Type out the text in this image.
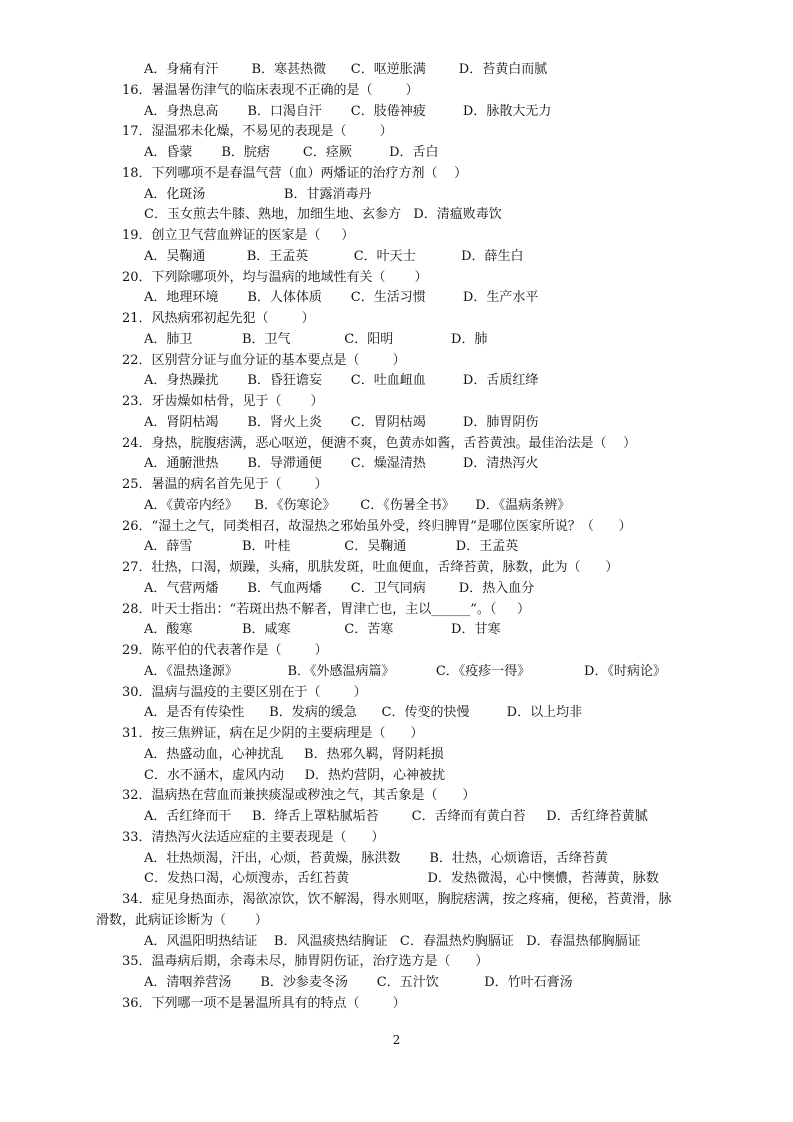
A．身痛有汗        B．寒甚热微      C．呕逆胀满        D．苔黄白而腻
16．暑温暑伤津气的临床表现不正确的是（        ）
A．身热息高       B．口渴自汗       C．肢倦神疲         D．脉散大无力
17．湿温邪未化燥，不易见的表现是（        ）
A．昏蒙       B．脘痞        C．痉厥         D．舌白
18．下列哪项不是春温气营（血）两燔证的治疗方剂（    ）
A．化斑汤                   B．甘露消毒丹
C．玉女煎去牛膝、熟地，加细生地、玄参方   D．清瘟败毒饮
19．创立卫气营血辨证的医家是（     ）
A．吴鞠通          B．王孟英           C．叶天士           D．薛生白
20．下列除哪项外，均与温病的地域性有关（       ）
A．地理环境       B．人体体质       C．生活习惯         D．生产水平
21．风热病邪初起先犯（        ）
A．肺卫            B．卫气             C．阳明              D．肺
22．区别营分证与血分证的基本要点是（        ）
A．身热躁扰       B．昏狂谵妄       C．吐血衄血         D．舌质红绛
23．牙齿燥如枯骨，见于（       ）
A．肾阴枯竭       B．肾火上炎       C．胃阴枯竭         D．肺胃阴伤
24．身热，脘腹痞满，恶心呕逆，便溏不爽，色黄赤如酱，舌苔黄浊。最佳治法是（    ）
A．通腑泄热       B．导滞通便       C．燥湿清热         D．清热泻火
25．暑温的病名首先见于（        ）
A．《黄帝内经》    B．《伤寒论》      C．《伤暑全书》     D．《温病条辨》
26．“湿土之气，同类相召，故湿热之邪始虽外受，终归脾胃”是哪位医家所说？（      ）
A．薛雪            B．叶桂             C．吴鞠通            D．王孟英
27．壮热，口渴，烦躁，头痛，肌肤发斑，吐血便血，舌绛苔黄，脉数，此为（      ）
A．气营两燔       B．气血两燔       C．卫气同病        D．热入血分
28．叶天士指出：“若斑出热不解者，胃津亡也，主以______”。（     ）
A．酸寒            B．咸寒             C．苦寒              D．甘寒
29．陈平伯的代表著作是（        ）
A．《温热逢源》            B．《外感温病篇》          C．《疫疹一得》             D．《时病论》
30．温病与温疫的主要区别在于（        ）
A．是否有传染性      B．发病的缓急      C．传变的快慢         D．以上均非
31．按三焦辨证，病在足少阴的主要病理是（      ）
A．热盛动血，心神扰乱     B．热邪久羁，肾阴耗损
C．水不涵木，虚风内动     D．热灼营阴，心神被扰
32．温病热在营血而兼挟痰湿或秽浊之气，其舌象是（      ）
A．舌红绛而干     B．绛舌上罩粘腻垢苔        C．舌绛而有黄白苔     D．舌红绛苔黄腻
33．清热泻火法适应症的主要表现是（      ）
A．壮热烦渴，汗出，心烦，苔黄燥，脉洪数       B．壮热，心烦谵语，舌绛苔黄
C．发热口渴，心烦溲赤，舌红苔黄                   D．发热微渴，心中懊憹，苔薄黄，脉数
34．症见身热面赤，渴欲凉饮，饮不解渴，得水则呕，胸脘痞满，按之疼痛，便秘，苔黄滑，脉
滑数，此病证诊断为（       ）
A．风温阳明热结证    B．风温痰热结胸证   C．春温热灼胸膈证   D．春温热郁胸膈证
35．温毒病后期，余毒未尽，肺胃阴伤证，治疗选方是（      ）
A．清咽养营汤       B．沙参麦冬汤       C．五汁饮           D．竹叶石膏汤
36．下列哪一项不是暑温所具有的特点（        ）
2
